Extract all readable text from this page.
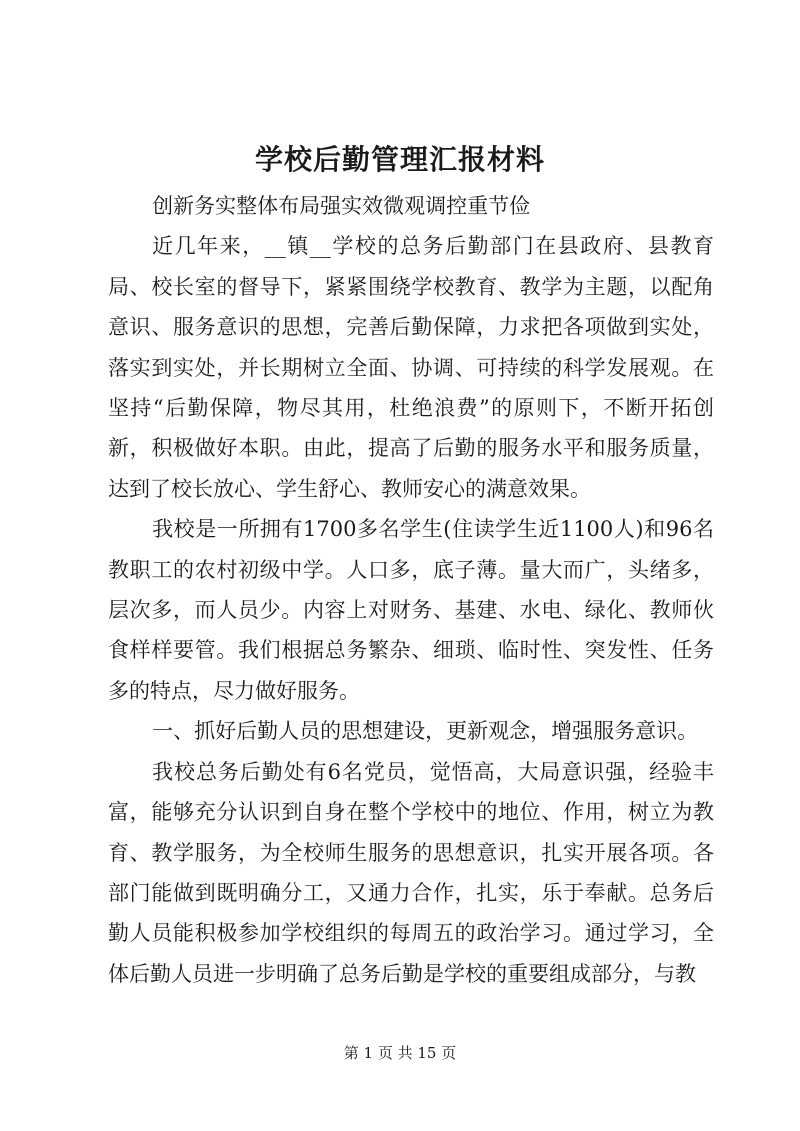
学校后勤管理汇报材料

创新务实整体布局强实效微观调控重节俭

近几年来，__镇__学校的总务后勤部门在县政府、县教育局、校长室的督导下，紧紧围绕学校教育、教学为主题，以配角意识、服务意识的思想，完善后勤保障，力求把各项做到实处，落实到实处，并长期树立全面、协调、可持续的科学发展观。在坚持“后勤保障，物尽其用，杜绝浪费”的原则下，不断开拓创新，积极做好本职。由此，提高了后勤的服务水平和服务质量，达到了校长放心、学生舒心、教师安心的满意效果。

我校是一所拥有1700多名学生(住读学生近1100人)和96名教职工的农村初级中学。人口多，底子薄。量大而广，头绪多，层次多，而人员少。内容上对财务、基建、水电、绿化、教师伙食样样要管。我们根据总务繁杂、细琐、临时性、突发性、任务多的特点，尽力做好服务。

一、抓好后勤人员的思想建设，更新观念，增强服务意识。

我校总务后勤处有6名党员，觉悟高，大局意识强，经验丰富，能够充分认识到自身在整个学校中的地位、作用，树立为教育、教学服务，为全校师生服务的思想意识，扎实开展各项。各部门能做到既明确分工，又通力合作，扎实，乐于奉献。总务后勤人员能积极参加学校组织的每周五的政治学习。通过学习，全体后勤人员进一步明确了总务后勤是学校的重要组成部分，与教

第 1 页 共 15 页
